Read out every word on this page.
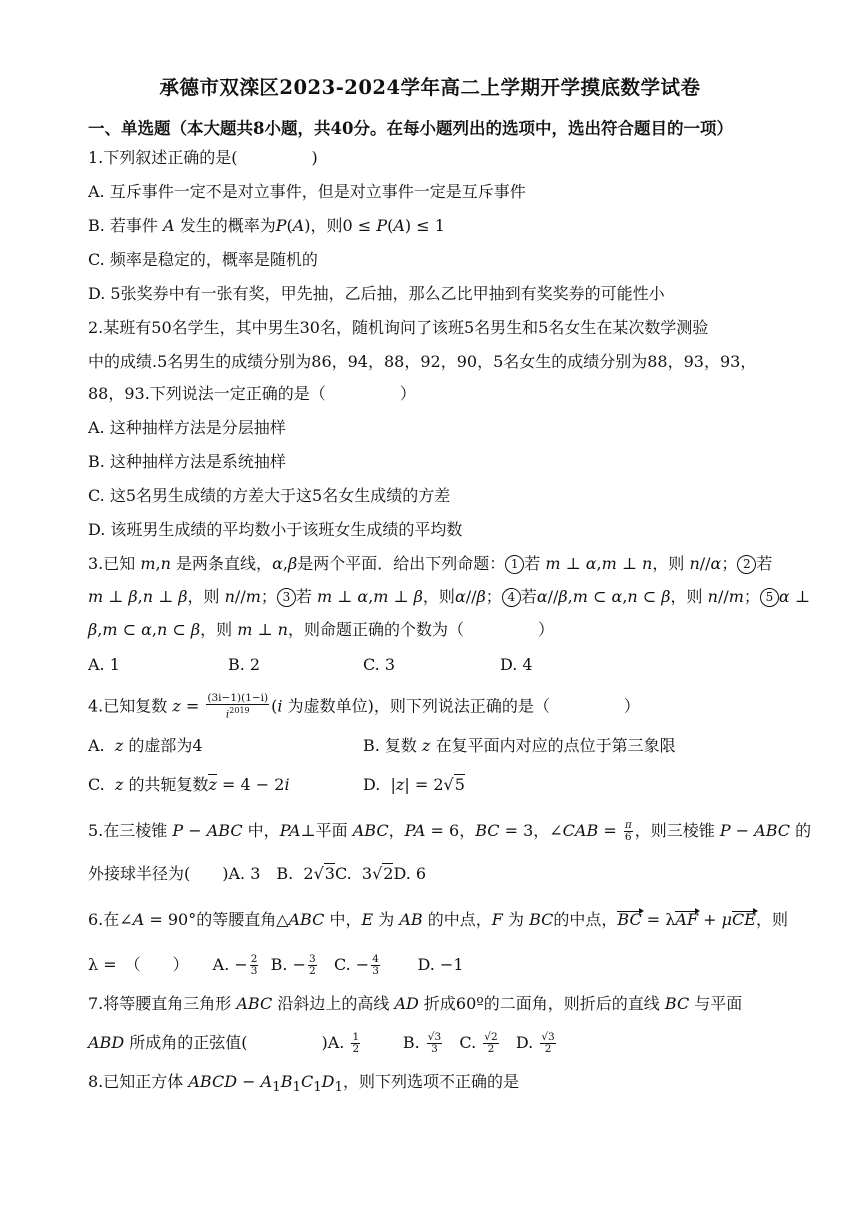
承德市双滦区2023-2024学年高二上学期开学摸底数学试卷
一、单选题（本大题共8小题，共40分。在每小题列出的选项中，选出符合题目的一项）
1.下列叙述正确的是(	)
A. 互斥事件一定不是对立事件，但是对立事件一定是互斥事件
B. 若事件 A 发生的概率为P(A)，则0 ≤ P(A) ≤ 1
C. 频率是稳定的，概率是随机的
D. 5张奖券中有一张有奖，甲先抽，乙后抽，那么乙比甲抽到有奖奖券的可能性小
2.某班有50名学生，其中男生30名，随机询问了该班5名男生和5名女生在某次数学测验
中的成绩.5名男生的成绩分别为86，94，88，92，90，5名女生的成绩分别为88，93，93，
88，93.下列说法一定正确的是（	）
A. 这种抽样方法是分层抽样
B. 这种抽样方法是系统抽样
C. 这5名男生成绩的方差大于这5名女生成绩的方差
D. 该班男生成绩的平均数小于该班女生成绩的平均数
3.已知 m,n 是两条直线，α,β是两个平面．给出下列命题： 1 若 m ⊥ α,m ⊥ n，则 n//α； 2 若
m ⊥ β,n ⊥ β，则 n//m； 3 若 m ⊥ α,m ⊥ β，则α//β； 4 若α//β,m ⊂ α,n ⊂ β，则 n//m； 5 α ⊥
β,m ⊂ α,n ⊂ β，则 m ⊥ n，则命题正确的个数为（	）
A. 1	B. 2	C. 3	D. 4
4.已知复数 $z = \frac{(3i-1)(1-i)}{i^{2019}} (i$ 为虚数单位)，则下列说法正确的是（	）
A.  z 的虚部为4	B. 复数 z 在复平面内对应的点位于第三象限
C.  z 的共轭复数z = 4 − 2i	D.  |z| = 2√5
5.在三棱锥 P − ABC 中，PA⊥平面 ABC，PA = 6，BC = 3，∠CAB = $\frac{\pi}{6}$ ，则三棱锥 P − ABC 的
外接球半径为(　　)A. 3　B.  2√3C.  3√2D. 6
6.在∠A = 90°的等腰直角△ABC 中，E 为 AB 的中点，F 为 BC的中点，BC = λAF + μCE，则
λ =　（　　）　　A. − $\frac{2}{3} B$. − $\frac{3}{2} C$. − $\frac{4}{3} D$. −1
7.将等腰直角三角形 ABC 沿斜边上的高线 AD 折成60º的二面角，则折后的直线 BC 与平面
ABD 所成角的正弦值(	)A. $\frac{1}{2}$	B. $\frac{√3}{3} C$. $\frac{√2}{2} D$. $\frac{√3}{2}$
8.已知正方体 ABCD − $A_1B_1C_1D_1$，则下列选项不正确的是
